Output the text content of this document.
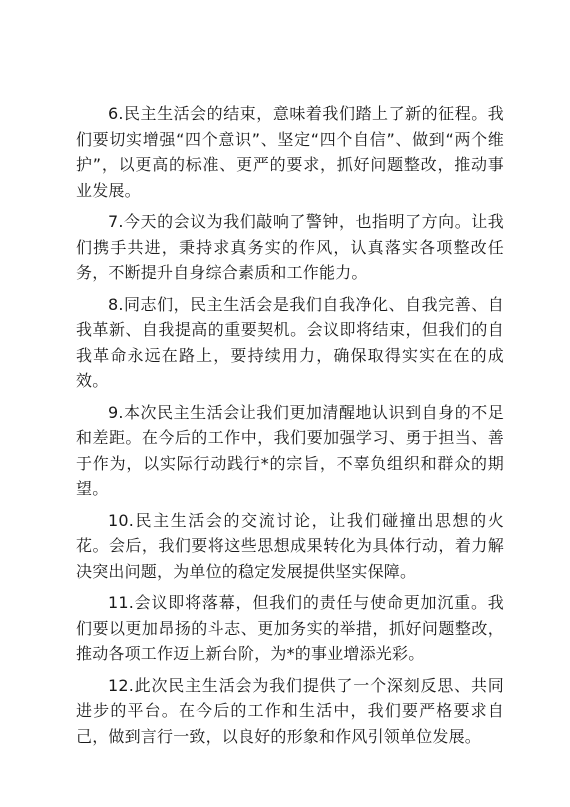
6.民主生活会的结束，意味着我们踏上了新的征程。我们要切实增强“四个意识”、坚定“四个自信”、做到“两个维护”，以更高的标准、更严的要求，抓好问题整改，推动事业发展。

7.今天的会议为我们敲响了警钟，也指明了方向。让我们携手共进，秉持求真务实的作风，认真落实各项整改任务，不断提升自身综合素质和工作能力。

8.同志们，民主生活会是我们自我净化、自我完善、自我革新、自我提高的重要契机。会议即将结束，但我们的自我革命永远在路上，要持续用力，确保取得实实在在的成效。

9.本次民主生活会让我们更加清醒地认识到自身的不足和差距。在今后的工作中，我们要加强学习、勇于担当、善于作为，以实际行动践行*的宗旨，不辜负组织和群众的期望。

10.民主生活会的交流讨论，让我们碰撞出思想的火花。会后，我们要将这些思想成果转化为具体行动，着力解决突出问题，为单位的稳定发展提供坚实保障。

11.会议即将落幕，但我们的责任与使命更加沉重。我们要以更加昂扬的斗志、更加务实的举措，抓好问题整改，推动各项工作迈上新台阶，为*的事业增添光彩。

12.此次民主生活会为我们提供了一个深刻反思、共同进步的平台。在今后的工作和生活中，我们要严格要求自己，做到言行一致，以良好的形象和作风引领单位发展。
